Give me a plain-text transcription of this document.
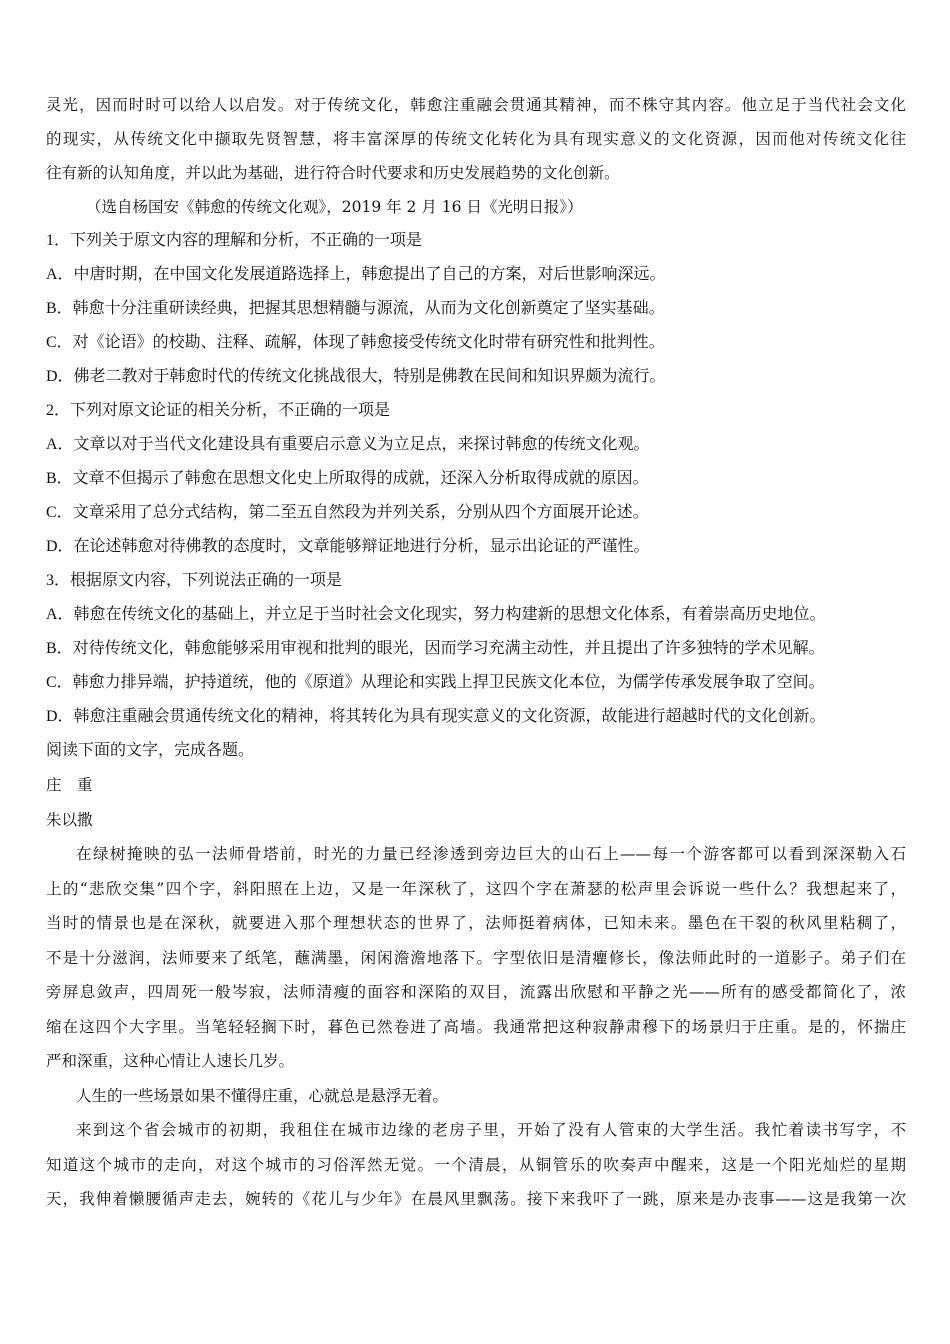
灵光，因而时时可以给人以启发。对于传统文化，韩愈注重融会贯通其精神，而不株守其内容。他立足于当代社会文化
的现实，从传统文化中撷取先贤智慧，将丰富深厚的传统文化转化为具有现实意义的文化资源，因而他对传统文化往
往有新的认知角度，并以此为基础，进行符合时代要求和历史发展趋势的文化创新。
（选自杨国安《韩愈的传统文化观》，2019 年 2 月 16 日《光明日报》）
1．下列关于原文内容的理解和分析，不正确的一项是
A．中唐时期，在中国文化发展道路选择上，韩愈提出了自己的方案，对后世影响深远。
B．韩愈十分注重研读经典，把握其思想精髓与源流，从而为文化创新奠定了坚实基础。
C．对《论语》的校勘、注释、疏解，体现了韩愈接受传统文化时带有研究性和批判性。
D．佛老二教对于韩愈时代的传统文化挑战很大，特别是佛教在民间和知识界颇为流行。
2．下列对原文论证的相关分析，不正确的一项是
A．文章以对于当代文化建设具有重要启示意义为立足点，来探讨韩愈的传统文化观。
B．文章不但揭示了韩愈在思想文化史上所取得的成就，还深入分析取得成就的原因。
C．文章采用了总分式结构，第二至五自然段为并列关系，分别从四个方面展开论述。
D．在论述韩愈对待佛教的态度时，文章能够辩证地进行分析，显示出论证的严谨性。
3．根据原文内容，下列说法正确的一项是
A．韩愈在传统文化的基础上，并立足于当时社会文化现实，努力构建新的思想文化体系，有着崇高历史地位。
B．对待传统文化，韩愈能够采用审视和批判的眼光，因而学习充满主动性，并且提出了许多独特的学术见解。
C．韩愈力排异端，护持道统，他的《原道》从理论和实践上捍卫民族文化本位，为儒学传承发展争取了空间。
D．韩愈注重融会贯通传统文化的精神，将其转化为具有现实意义的文化资源，故能进行超越时代的文化创新。
阅读下面的文字，完成各题。
庄　重
朱以撒
在绿树掩映的弘一法师骨塔前，时光的力量已经渗透到旁边巨大的山石上——每一个游客都可以看到深深勒入石
上的“悲欣交集”四个字，斜阳照在上边，又是一年深秋了，这四个字在萧瑟的松声里会诉说一些什么？我想起来了，
当时的情景也是在深秋，就要进入那个理想状态的世界了，法师挺着病体，已知未来。墨色在干裂的秋风里粘稠了，
不是十分滋润，法师要来了纸笔，蘸满墨，闲闲澹澹地落下。字型依旧是清癯修长，像法师此时的一道影子。弟子们在
旁屏息敛声，四周死一般岑寂，法师清瘦的面容和深陷的双目，流露出欣慰和平静之光——所有的感受都简化了，浓
缩在这四个大字里。当笔轻轻搁下时，暮色已然卷进了高墙。我通常把这种寂静肃穆下的场景归于庄重。是的，怀揣庄
严和深重，这种心情让人速长几岁。
人生的一些场景如果不懂得庄重，心就总是悬浮无着。
来到这个省会城市的初期，我租住在城市边缘的老房子里，开始了没有人管束的大学生活。我忙着读书写字，不
知道这个城市的走向，对这个城市的习俗浑然无觉。一个清晨，从铜管乐的吹奏声中醒来，这是一个阳光灿烂的星期
天，我伸着懒腰循声走去，婉转的《花儿与少年》在晨风里飘荡。接下来我吓了一跳，原来是办丧事——这是我第一次
